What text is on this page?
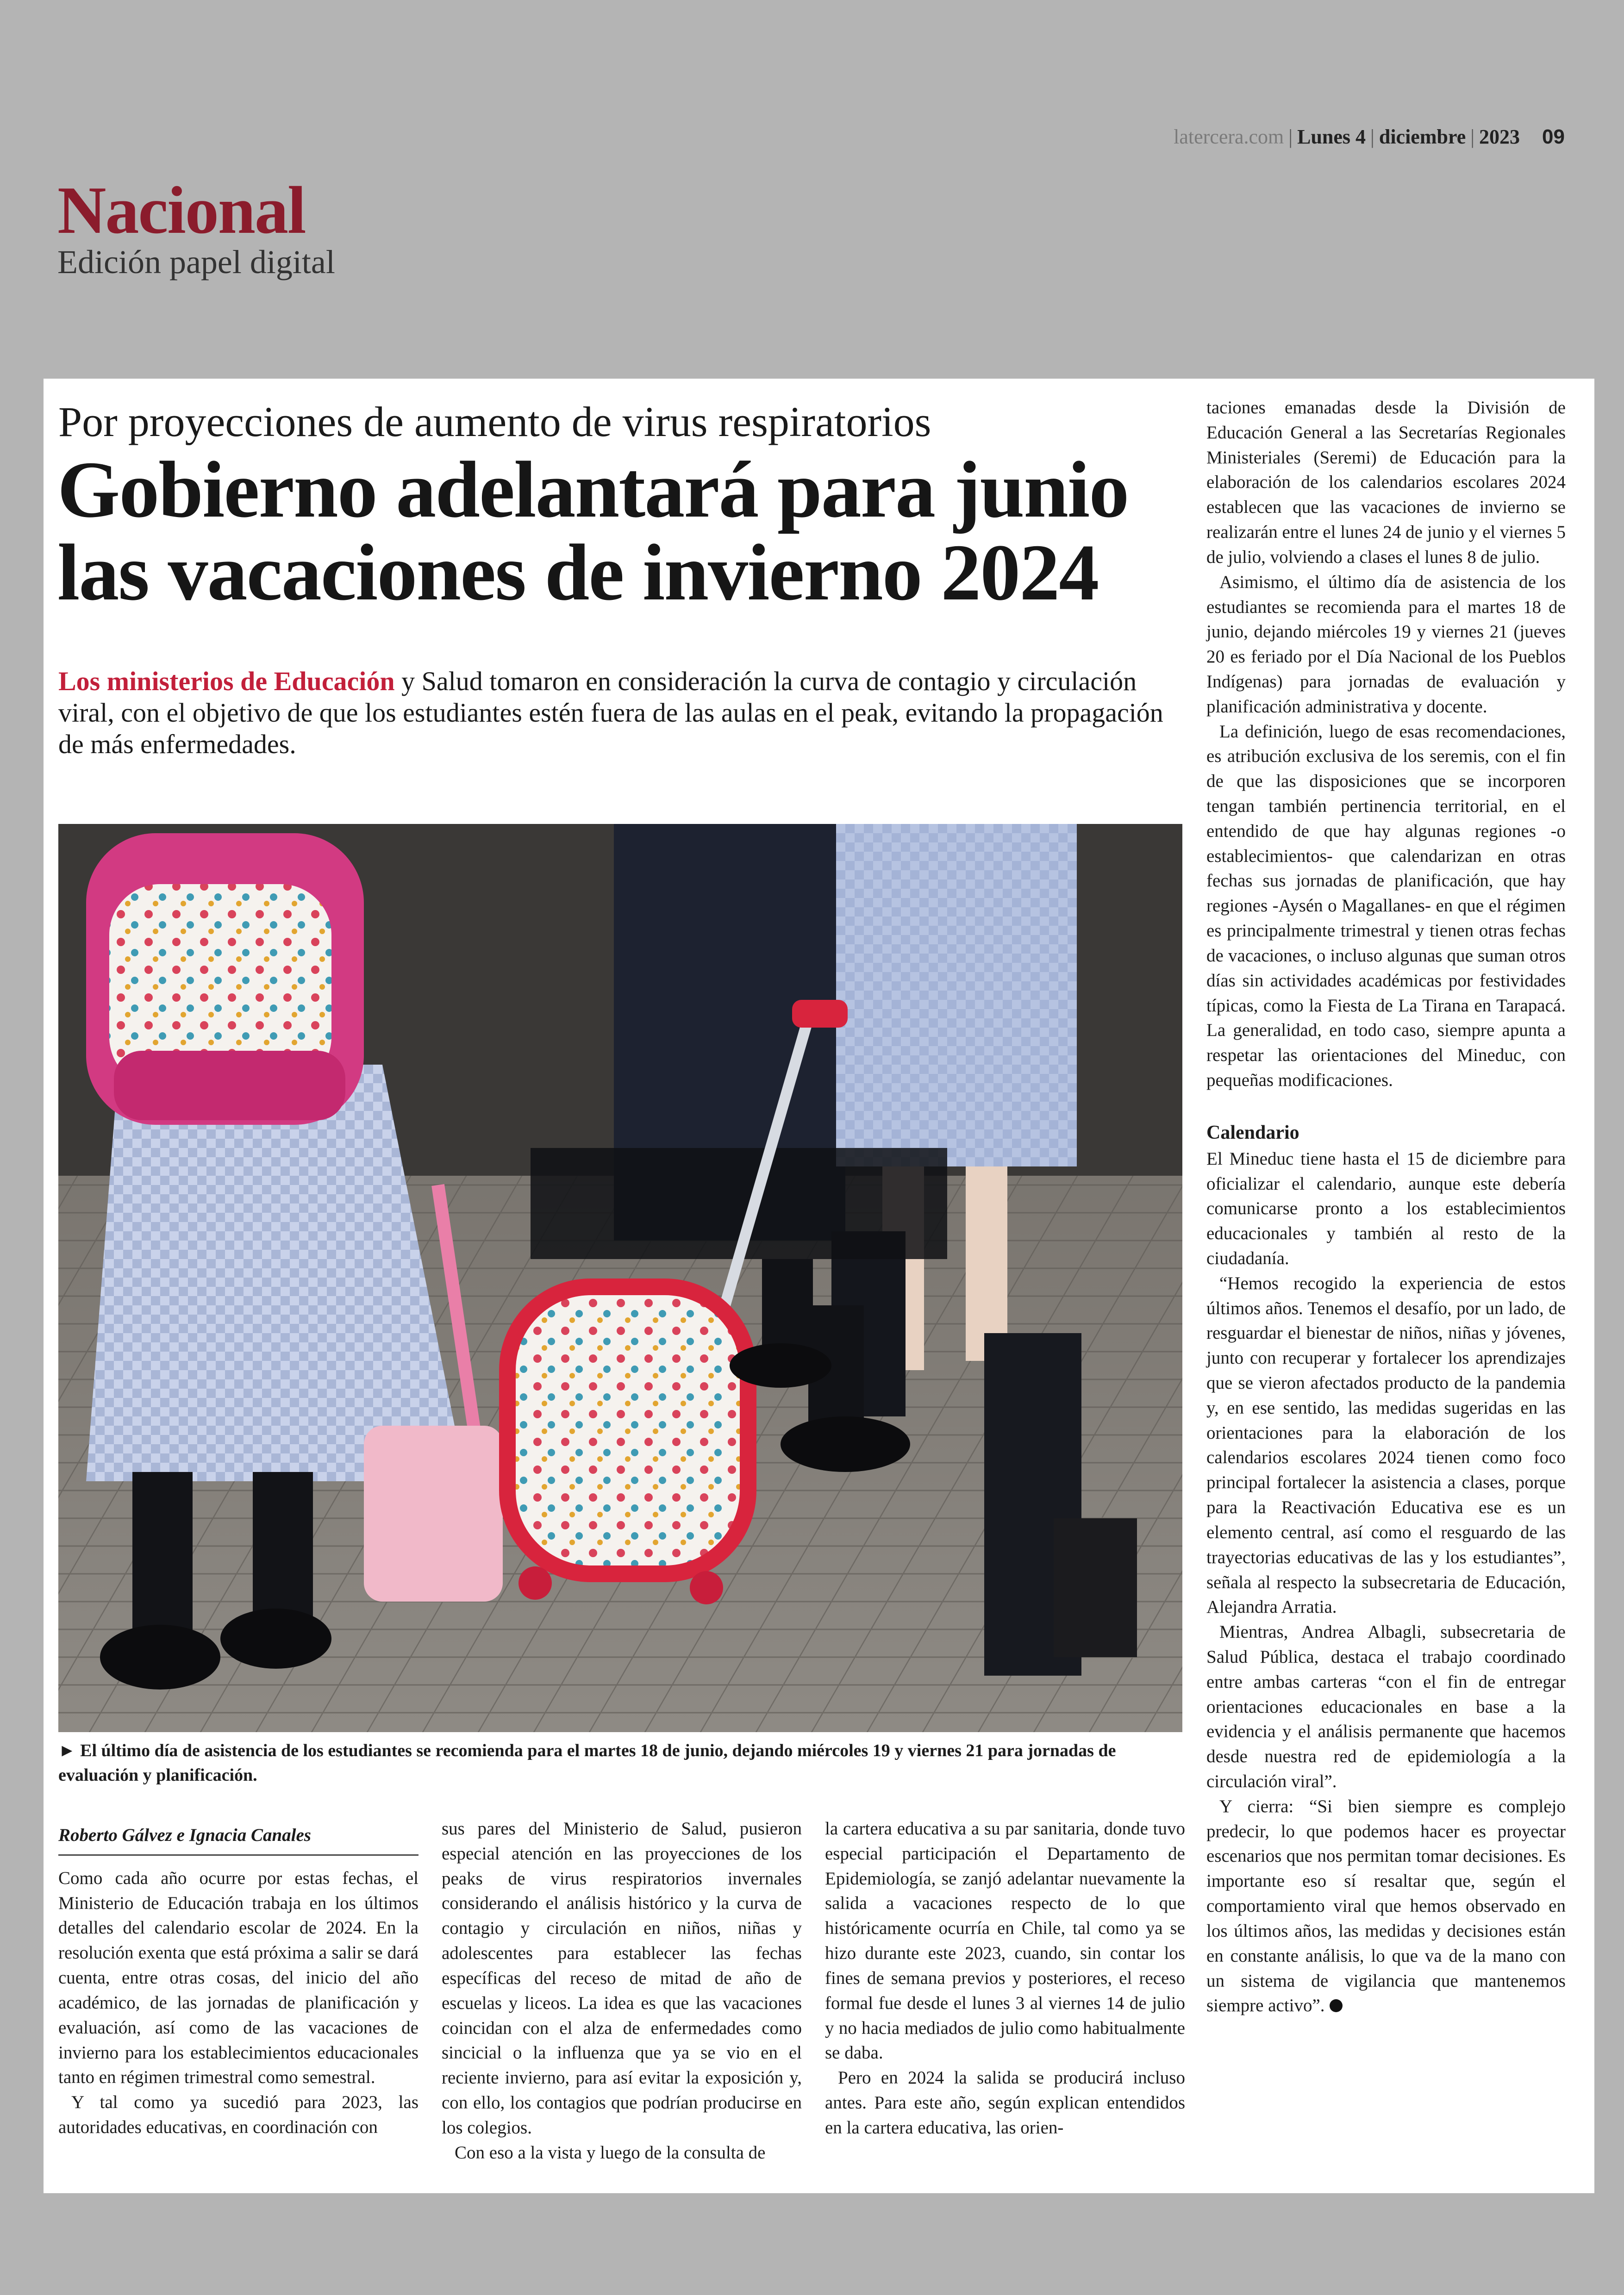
latercera.com | Lunes 4 | diciembre | 2023 09
Nacional
Edición papel digital
Por proyecciones de aumento de virus respiratorios
Gobierno adelantará para junio las vacaciones de invierno 2024

Los ministerios de Educación y Salud tomaron en consideración la curva de contagio y circulación viral, con el objetivo de que los estudiantes estén fuera de las aulas en el peak, evitando la propagación de más enfermedades.

► El último día de asistencia de los estudiantes se recomienda para el martes 18 de junio, dejando miércoles 19 y viernes 21 para jornadas de evaluación y planificación.

Roberto Gálvez e Ignacia Canales

Como cada año ocurre por estas fechas, el Ministerio de Educación trabaja en los últimos detalles del calendario escolar de 2024. En la resolución exenta que está próxima a salir se dará cuenta, entre otras cosas, del inicio del año académico, de las jornadas de planificación y evaluación, así como de las vacaciones de invierno para los establecimientos educacionales tanto en régimen trimestral como semestral.

Y tal como ya sucedió para 2023, las autoridades educativas, en coordinación con

sus pares del Ministerio de Salud, pusieron especial atención en las proyecciones de los peaks de virus respiratorios invernales considerando el análisis histórico y la curva de contagio y circulación en niños, niñas y adolescentes para establecer las fechas específicas del receso de mitad de año de escuelas y liceos. La idea es que las vacaciones coincidan con el alza de enfermedades como sincicial o la influenza que ya se vio en el reciente invierno, para así evitar la exposición y, con ello, los contagios que podrían producirse en los colegios.

Con eso a la vista y luego de la consulta de

la cartera educativa a su par sanitaria, donde tuvo especial participación el Departamento de Epidemiología, se zanjó adelantar nuevamente la salida a vacaciones respecto de lo que históricamente ocurría en Chile, tal como ya se hizo durante este 2023, cuando, sin contar los fines de semana previos y posteriores, el receso formal fue desde el lunes 3 al viernes 14 de julio y no hacia mediados de julio como habitualmente se daba.

Pero en 2024 la salida se producirá incluso antes. Para este año, según explican entendidos en la cartera educativa, las orien-

taciones emanadas desde la División de Educación General a las Secretarías Regionales Ministeriales (Seremi) de Educación para la elaboración de los calendarios escolares 2024 establecen que las vacaciones de invierno se realizarán entre el lunes 24 de junio y el viernes 5 de julio, volviendo a clases el lunes 8 de julio.

Asimismo, el último día de asistencia de los estudiantes se recomienda para el martes 18 de junio, dejando miércoles 19 y viernes 21 (jueves 20 es feriado por el Día Nacional de los Pueblos Indígenas) para jornadas de evaluación y planificación administrativa y docente.

La definición, luego de esas recomendaciones, es atribución exclusiva de los seremis, con el fin de que las disposiciones que se incorporen tengan también pertinencia territorial, en el entendido de que hay algunas regiones -o establecimientos- que calendarizan en otras fechas sus jornadas de planificación, que hay regiones -Aysén o Magallanes- en que el régimen es principalmente trimestral y tienen otras fechas de vacaciones, o incluso algunas que suman otros días sin actividades académicas por festividades típicas, como la Fiesta de La Tirana en Tarapacá. La generalidad, en todo caso, siempre apunta a respetar las orientaciones del Mineduc, con pequeñas modificaciones.

Calendario

El Mineduc tiene hasta el 15 de diciembre para oficializar el calendario, aunque este debería comunicarse pronto a los establecimientos educacionales y también al resto de la ciudadanía.

“Hemos recogido la experiencia de estos últimos años. Tenemos el desafío, por un lado, de resguardar el bienestar de niños, niñas y jóvenes, junto con recuperar y fortalecer los aprendizajes que se vieron afectados producto de la pandemia y, en ese sentido, las medidas sugeridas en las orientaciones para la elaboración de los calendarios escolares 2024 tienen como foco principal fortalecer la asistencia a clases, porque para la Reactivación Educativa ese es un elemento central, así como el resguardo de las trayectorias educativas de las y los estudiantes”, señala al respecto la subsecretaria de Educación, Alejandra Arratia.

Mientras, Andrea Albagli, subsecretaria de Salud Pública, destaca el trabajo coordinado entre ambas carteras “con el fin de entregar orientaciones educacionales en base a la evidencia y el análisis permanente que hacemos desde nuestra red de epidemiología a la circulación viral”.

Y cierra: “Si bien siempre es complejo predecir, lo que podemos hacer es proyectar escenarios que nos permitan tomar decisiones. Es importante eso sí resaltar que, según el comportamiento viral que hemos observado en los últimos años, las medidas y decisiones están en constante análisis, lo que va de la mano con un sistema de vigilancia que mantenemos siempre activo”.
